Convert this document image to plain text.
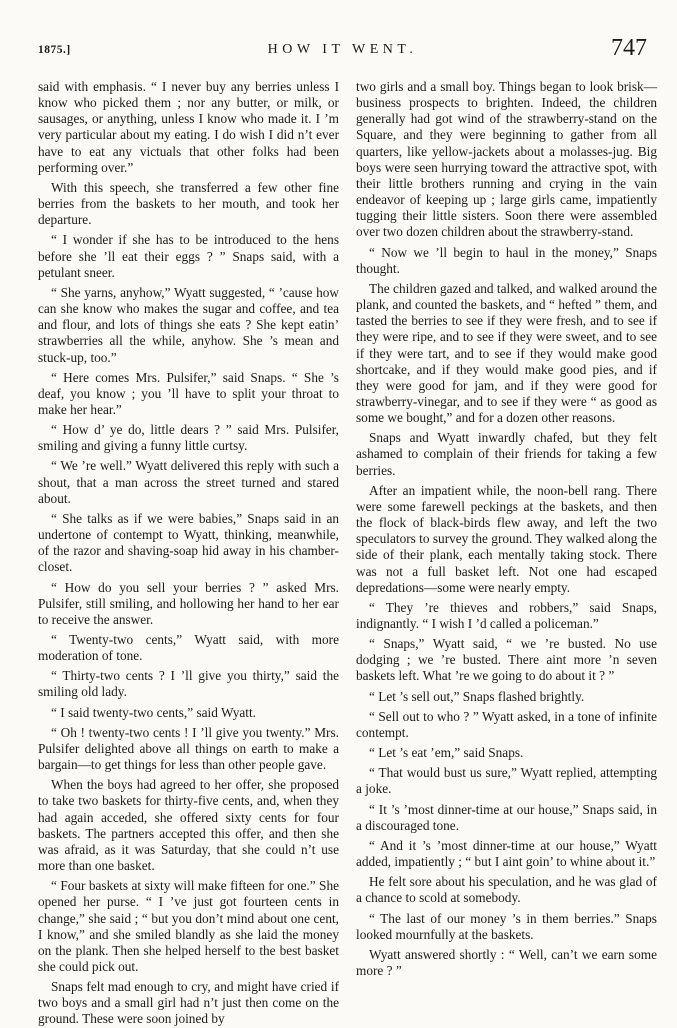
1875.]	HOW IT WENT.	747

said with emphasis. “ I never buy any berries unless I know who picked them ; nor any butter, or milk, or sausages, or anything, unless I know who made it. I ’m very particular about my eating. I do wish I did n’t ever have to eat any victuals that other folks had been performing over.”

With this speech, she transferred a few other fine berries from the baskets to her mouth, and took her departure.

“ I wonder if she has to be introduced to the hens before she ’ll eat their eggs ? ” Snaps said, with a petulant sneer.

“ She yarns, anyhow,” Wyatt suggested, “ ’cause how can she know who makes the sugar and coffee, and tea and flour, and lots of things she eats ? She kept eatin’ strawberries all the while, anyhow. She ’s mean and stuck-up, too.”

“ Here comes Mrs. Pulsifer,” said Snaps. “ She ’s deaf, you know ; you ’ll have to split your throat to make her hear.”

“ How d’ ye do, little dears ? ” said Mrs. Pulsifer, smiling and giving a funny little curtsy.

“ We ’re well.” Wyatt delivered this reply with such a shout, that a man across the street turned and stared about.

“ She talks as if we were babies,” Snaps said in an undertone of contempt to Wyatt, thinking, meanwhile, of the razor and shaving-soap hid away in his chamber-closet.

“ How do you sell your berries ? ” asked Mrs. Pulsifer, still smiling, and hollowing her hand to her ear to receive the answer.

“ Twenty-two cents,” Wyatt said, with more moderation of tone.

“ Thirty-two cents ? I ’ll give you thirty,” said the smiling old lady.

“ I said twenty-two cents,” said Wyatt.

“ Oh ! twenty-two cents ! I ’ll give you twenty.” Mrs. Pulsifer delighted above all things on earth to make a bargain—to get things for less than other people gave.

When the boys had agreed to her offer, she proposed to take two baskets for thirty-five cents, and, when they had again acceded, she offered sixty cents for four baskets. The partners accepted this offer, and then she was afraid, as it was Saturday, that she could n’t use more than one basket.

“ Four baskets at sixty will make fifteen for one.” She opened her purse. “ I ’ve just got fourteen cents in change,” she said ; “ but you don’t mind about one cent, I know,” and she smiled blandly as she laid the money on the plank. Then she helped herself to the best basket she could pick out.

Snaps felt mad enough to cry, and might have cried if two boys and a small girl had n’t just then come on the ground. These were soon joined by

two girls and a small boy. Things began to look brisk—business prospects to brighten. Indeed, the children generally had got wind of the strawberry-stand on the Square, and they were beginning to gather from all quarters, like yellow-jackets about a molasses-jug. Big boys were seen hurrying toward the attractive spot, with their little brothers running and crying in the vain endeavor of keeping up ; large girls came, impatiently tugging their little sisters. Soon there were assembled over two dozen children about the strawberry-stand.

“ Now we ’ll begin to haul in the money,” Snaps thought.

The children gazed and talked, and walked around the plank, and counted the baskets, and “ hefted ” them, and tasted the berries to see if they were fresh, and to see if they were ripe, and to see if they were sweet, and to see if they were tart, and to see if they would make good shortcake, and if they would make good pies, and if they were good for jam, and if they were good for strawberry-vinegar, and to see if they were “ as good as some we bought,” and for a dozen other reasons.

Snaps and Wyatt inwardly chafed, but they felt ashamed to complain of their friends for taking a few berries.

After an impatient while, the noon-bell rang. There were some farewell peckings at the baskets, and then the flock of black-birds flew away, and left the two speculators to survey the ground. They walked along the side of their plank, each mentally taking stock. There was not a full basket left. Not one had escaped depredations—some were nearly empty.

“ They ’re thieves and robbers,” said Snaps, indignantly. “ I wish I ’d called a policeman.”

“ Snaps,” Wyatt said, “ we ’re busted. No use dodging ; we ’re busted. There aint more ’n seven baskets left. What ’re we going to do about it ? ”

“ Let ’s sell out,” Snaps flashed brightly.

“ Sell out to who ? ” Wyatt asked, in a tone of infinite contempt.

“ Let ’s eat ’em,” said Snaps.

“ That would bust us sure,” Wyatt replied, attempting a joke.

“ It ’s ’most dinner-time at our house,” Snaps said, in a discouraged tone.

“ And it ’s ’most dinner-time at our house,” Wyatt added, impatiently ; “ but I aint goin’ to whine about it.”

He felt sore about his speculation, and he was glad of a chance to scold at somebody.

“ The last of our money ’s in them berries.” Snaps looked mournfully at the baskets.

Wyatt answered shortly : “ Well, can’t we earn some more ? ”
